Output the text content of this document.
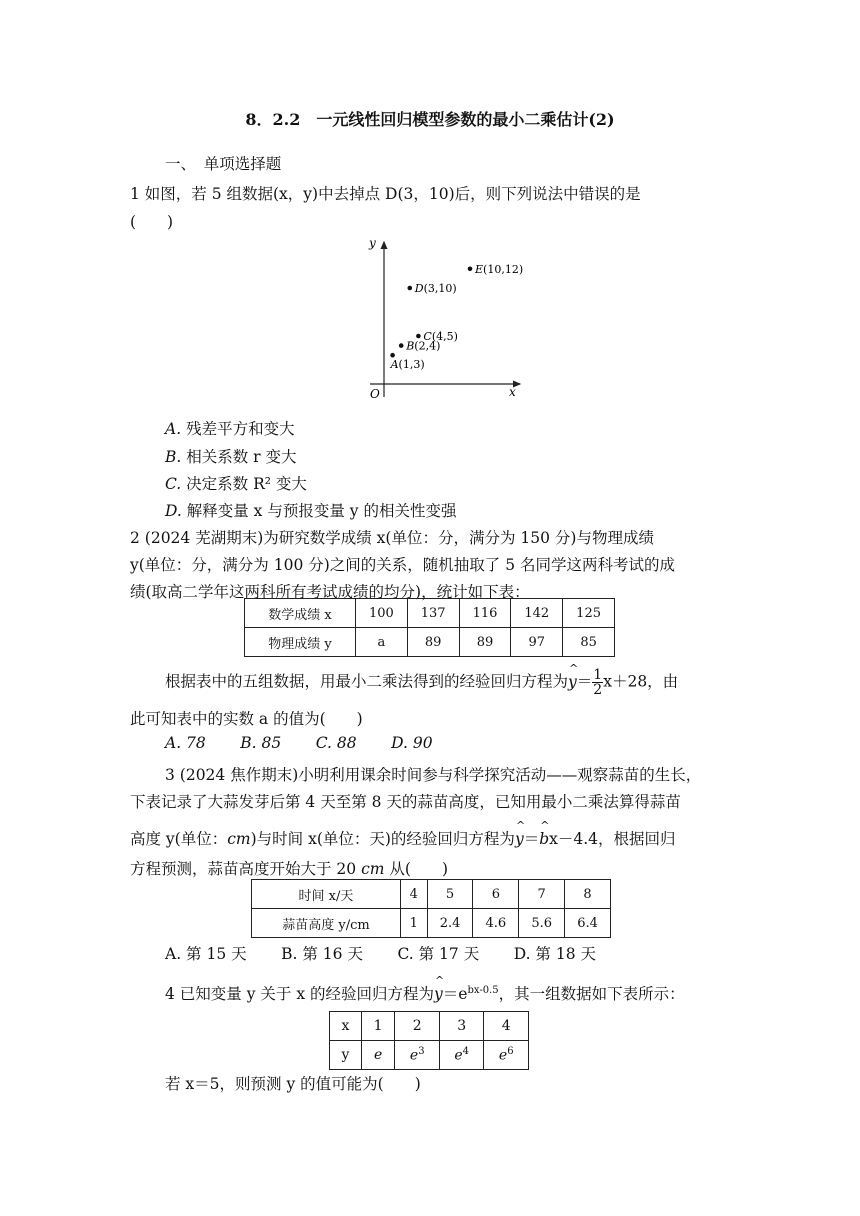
8．2.2　一元线性回归模型参数的最小二乘估计(2)
一、　单项选择题
1 如图，若 5 组数据(x，y)中去掉点 D(3，10)后，则下列说法中错误的是
(　　)
x
y
O
A(1,3)
B(2,4)
C(4,5)
D(3,10)
E(10,12)
A. 残差平方和变大
B. 相关系数 r 变大
C. 决定系数 R² 变大
D. 解释变量 x 与预报变量 y 的相关性变强
2 (2024 芜湖期末)为研究数学成绩 x(单位：分，满分为 150 分)与物理成绩
y(单位：分，满分为 100 分)之间的关系，随机抽取了 5 名同学这两科考试的成
绩(取高二学年这两科所有考试成绩的均分)，统计如下表：
数学成绩 x	100	137	116	142	125
物理成绩 y	a	89	89	97	85
根据表中的五组数据，用最小二乘法得到的经验回归方程为^ $y= \frac{1}{2} x+28$，由
此可知表中的实数 a 的值为(　　)
A. 78 B. 85 C. 88 D. 90
3 (2024 焦作期末)小明利用课余时间参与科学探究活动——观察蒜苗的生长，
下表记录了大蒜发芽后第 4 天至第 8 天的蒜苗高度，已知用最小二乘法算得蒜苗
高度 y(单位：cm)与时间 x(单位：天)的经验回归方程为^ y＝^ bx－4.4，根据回归
方程预测，蒜苗高度开始大于 20 cm 从(　　)
时间 x/天	4	5	6	7	8
蒜苗高度 y/cm	1	2.4	4.6	5.6	6.4
A. 第 15 天 B. 第 16 天 C. 第 17 天 D. 第 18 天
4 已知变量 y 关于 x 的经验回归方程为^ $y=e^{bx-0.5}$，其一组数据如下表所示：
x	1	2	3	4
y	e	$e^3$	$e^4$	$e^6$
若 x＝5，则预测 y 的值可能为(　　)
